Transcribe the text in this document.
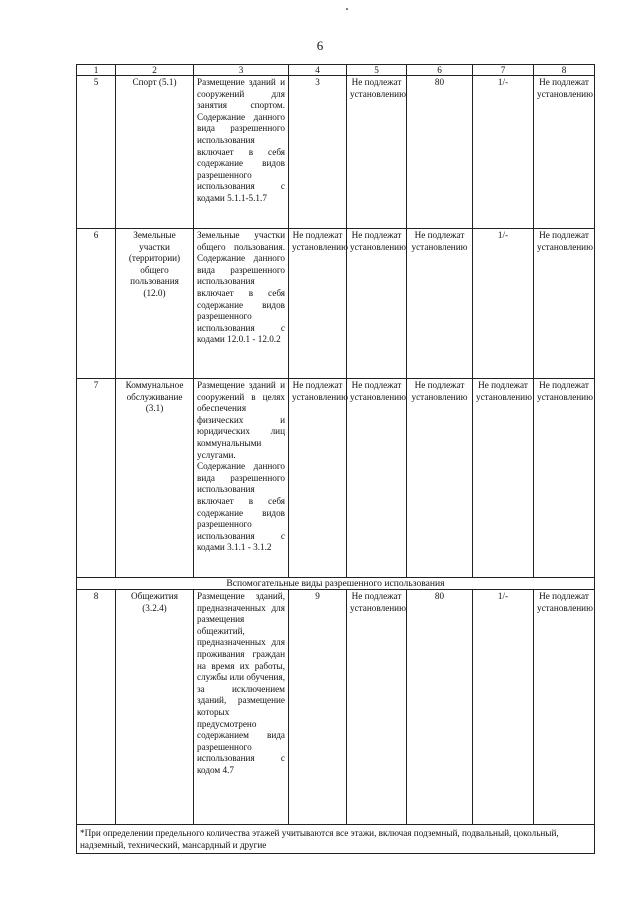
6
1	2	3	4	5	6	7	8
5	Спорт (5.1)	Размещение зданий и сооружений для занятия спортом. Содержание данного вида разрешенного использования включает в себя содержание видов разрешенного использования с кодами 5.1.1-5.1.7	3	Не подлежат установлению	80	1/-	Не подлежат установлению
6	Земельные участки (территории) общего пользования (12.0)	Земельные участки общего пользования. Содержание данного вида разрешенного использования включает в себя содержание видов разрешенного использования с кодами 12.0.1 - 12.0.2	Не подлежат установлению	Не подлежат установлению	Не подлежат установлению	1/-	Не подлежат установлению
7	Коммунальное обслуживание (3.1)	Размещение зданий и сооружений в целях обеспечения физических и юридических лиц коммунальными услугами. Содержание данного вида разрешенного использования включает в себя содержание видов разрешенного использования с кодами 3.1.1 - 3.1.2	Не подлежат установлению	Не подлежат установлению	Не подлежат установлению	Не подлежат установлению	Не подлежат установлению
Вспомогательные виды разрешенного использования							
8	Общежития (3.2.4)	Размещение зданий, предназначенных для размещения общежитий, предназначенных для проживания граждан на время их работы, службы или обучения, за исключением зданий, размещение которых предусмотрено содержанием вида разрешенного использования с кодом 4.7	9	Не подлежат установлению	80	1/-	Не подлежат установлению
*При определении предельного количества этажей учитываются все этажи, включая подземный, подвальный, цокольный, надземный, технический, мансардный и другие							
